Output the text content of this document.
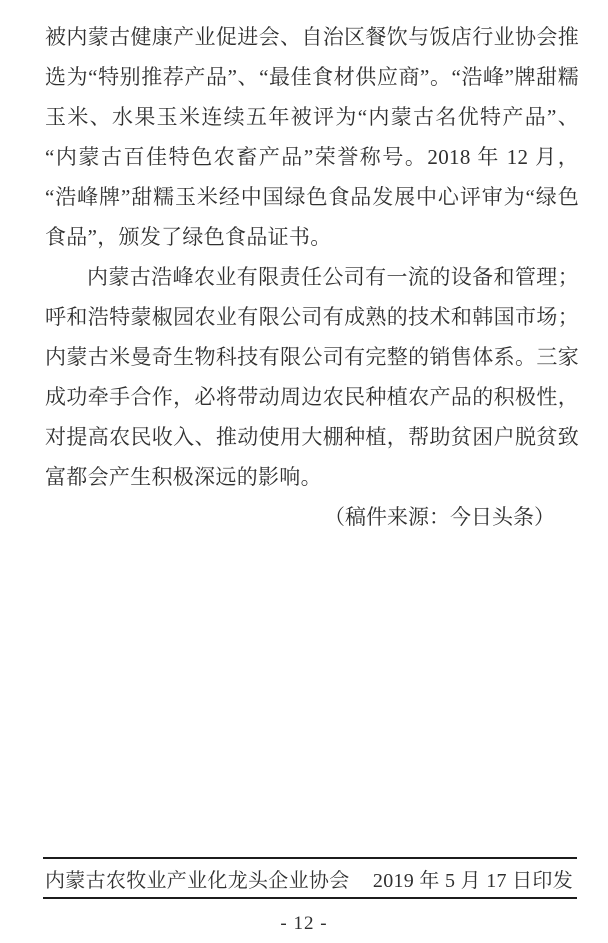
被内蒙古健康产业促进会、自治区餐饮与饭店行业协会推选为“特别推荐产品”、“最佳食材供应商”。“浩峰”牌甜糯玉米、水果玉米连续五年被评为“内蒙古名优特产品”、“内蒙古百佳特色农畜产品”荣誉称号。2018 年 12 月，“浩峰牌”甜糯玉米经中国绿色食品发展中心评审为“绿色食品”，颁发了绿色食品证书。

内蒙古浩峰农业有限责任公司有一流的设备和管理；呼和浩特蒙椒园农业有限公司有成熟的技术和韩国市场；内蒙古米曼奇生物科技有限公司有完整的销售体系。三家成功牵手合作，必将带动周边农民种植农产品的积极性，对提高农民收入、推动使用大棚种植，帮助贫困户脱贫致富都会产生积极深远的影响。

（稿件来源：今日头条）

内蒙古农牧业产业化龙头企业协会 2019 年 5 月 17 日印发
- 12 -
